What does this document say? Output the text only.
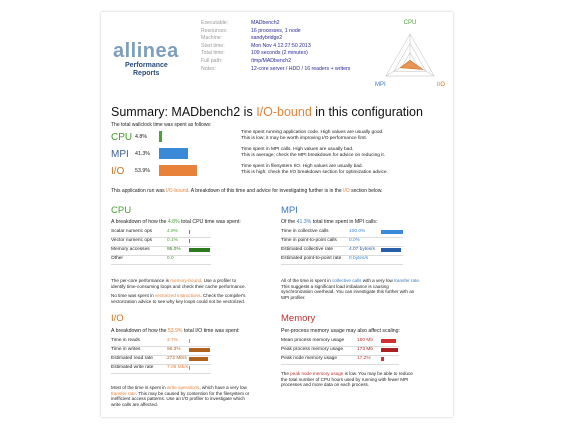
allinea
Performance
Reports
Executable:	MADbench2
Resources:	16 processes, 1 node
Machine:	sandybridge2
Start time:	Mon Nov 4 12:27:50 2013
Total time:	109 seconds (2 minutes)
Full path:	/tmp/MADbench2
Notes:	12-core server / HDD / 16 readers + writers
CPU
MPI	I/O
Summary: MADbench2 is I/O-bound in this configuration
The total wallclock time was spent as follows:
CPU 4.8%
Time spent running application code. High values are usually good.
This is low; it may be worth improving I/O performance first.
MPI 41.3%
Time spent in MPI calls. High values are usually bad.
This is average; check the MPI breakdown for advice on reducing it.
I/O 53.9%
Time spent in filesystem I/O. High values are usually bad.
This is high; check the I/O breakdown section for optimization advice.
This application run was I/O-bound. A breakdown of this time and advice for investigating further is in the I/O section below.
CPU
A breakdown of how the 4.8% total CPU time was spent:
Scalar numeric ops	4.9%
Vector numeric ops	0.1%
Memory accesses	95.0%
Other	0.0
The per-core performance is memory-bound. Use a profiler to
identify time-consuming loops and check their cache performance.
No time was spent in vectorized instructions. Check the compiler's
vectorization advice to see why key loops could not be vectorized.
MPI
Of the 41.3% total time spent in MPI calls:
Time in collective calls	100.0%
Time in point-to-point calls	0.0%
Estimated collective rate	4.07 bytes/s
Estimated point-to-point rate 0 bytes/s
All of the time is spent in collective calls with a very low transfer rate.
This suggests a significant load imbalance is causing
synchronization overhead. You can investigate this further with an
MPI profiler.
I/O
A breakdown of how the 53.9% total I/O time was spent:
Time in reads	3.7%
Time in writes	96.3%
Estimated read rate	272 Mb/s
Estimated write rate	7.06 Mb/s
Most of the time is spent in write operations, which have a very low
transfer rate. This may be caused by contention for the filesystem or
inefficient access patterns. Use an I/O profiler to investigate which
write calls are affected.
Memory
Per-process memory usage may also affect scaling:
Mean process memory usage	160 Mb
Peak process memory usage	173 Mb
Peak node memory usage	17.2%
The peak node memory usage is low. You may be able to reduce
the total number of CPU hours used by running with fewer MPI
processes and more data on each process.
